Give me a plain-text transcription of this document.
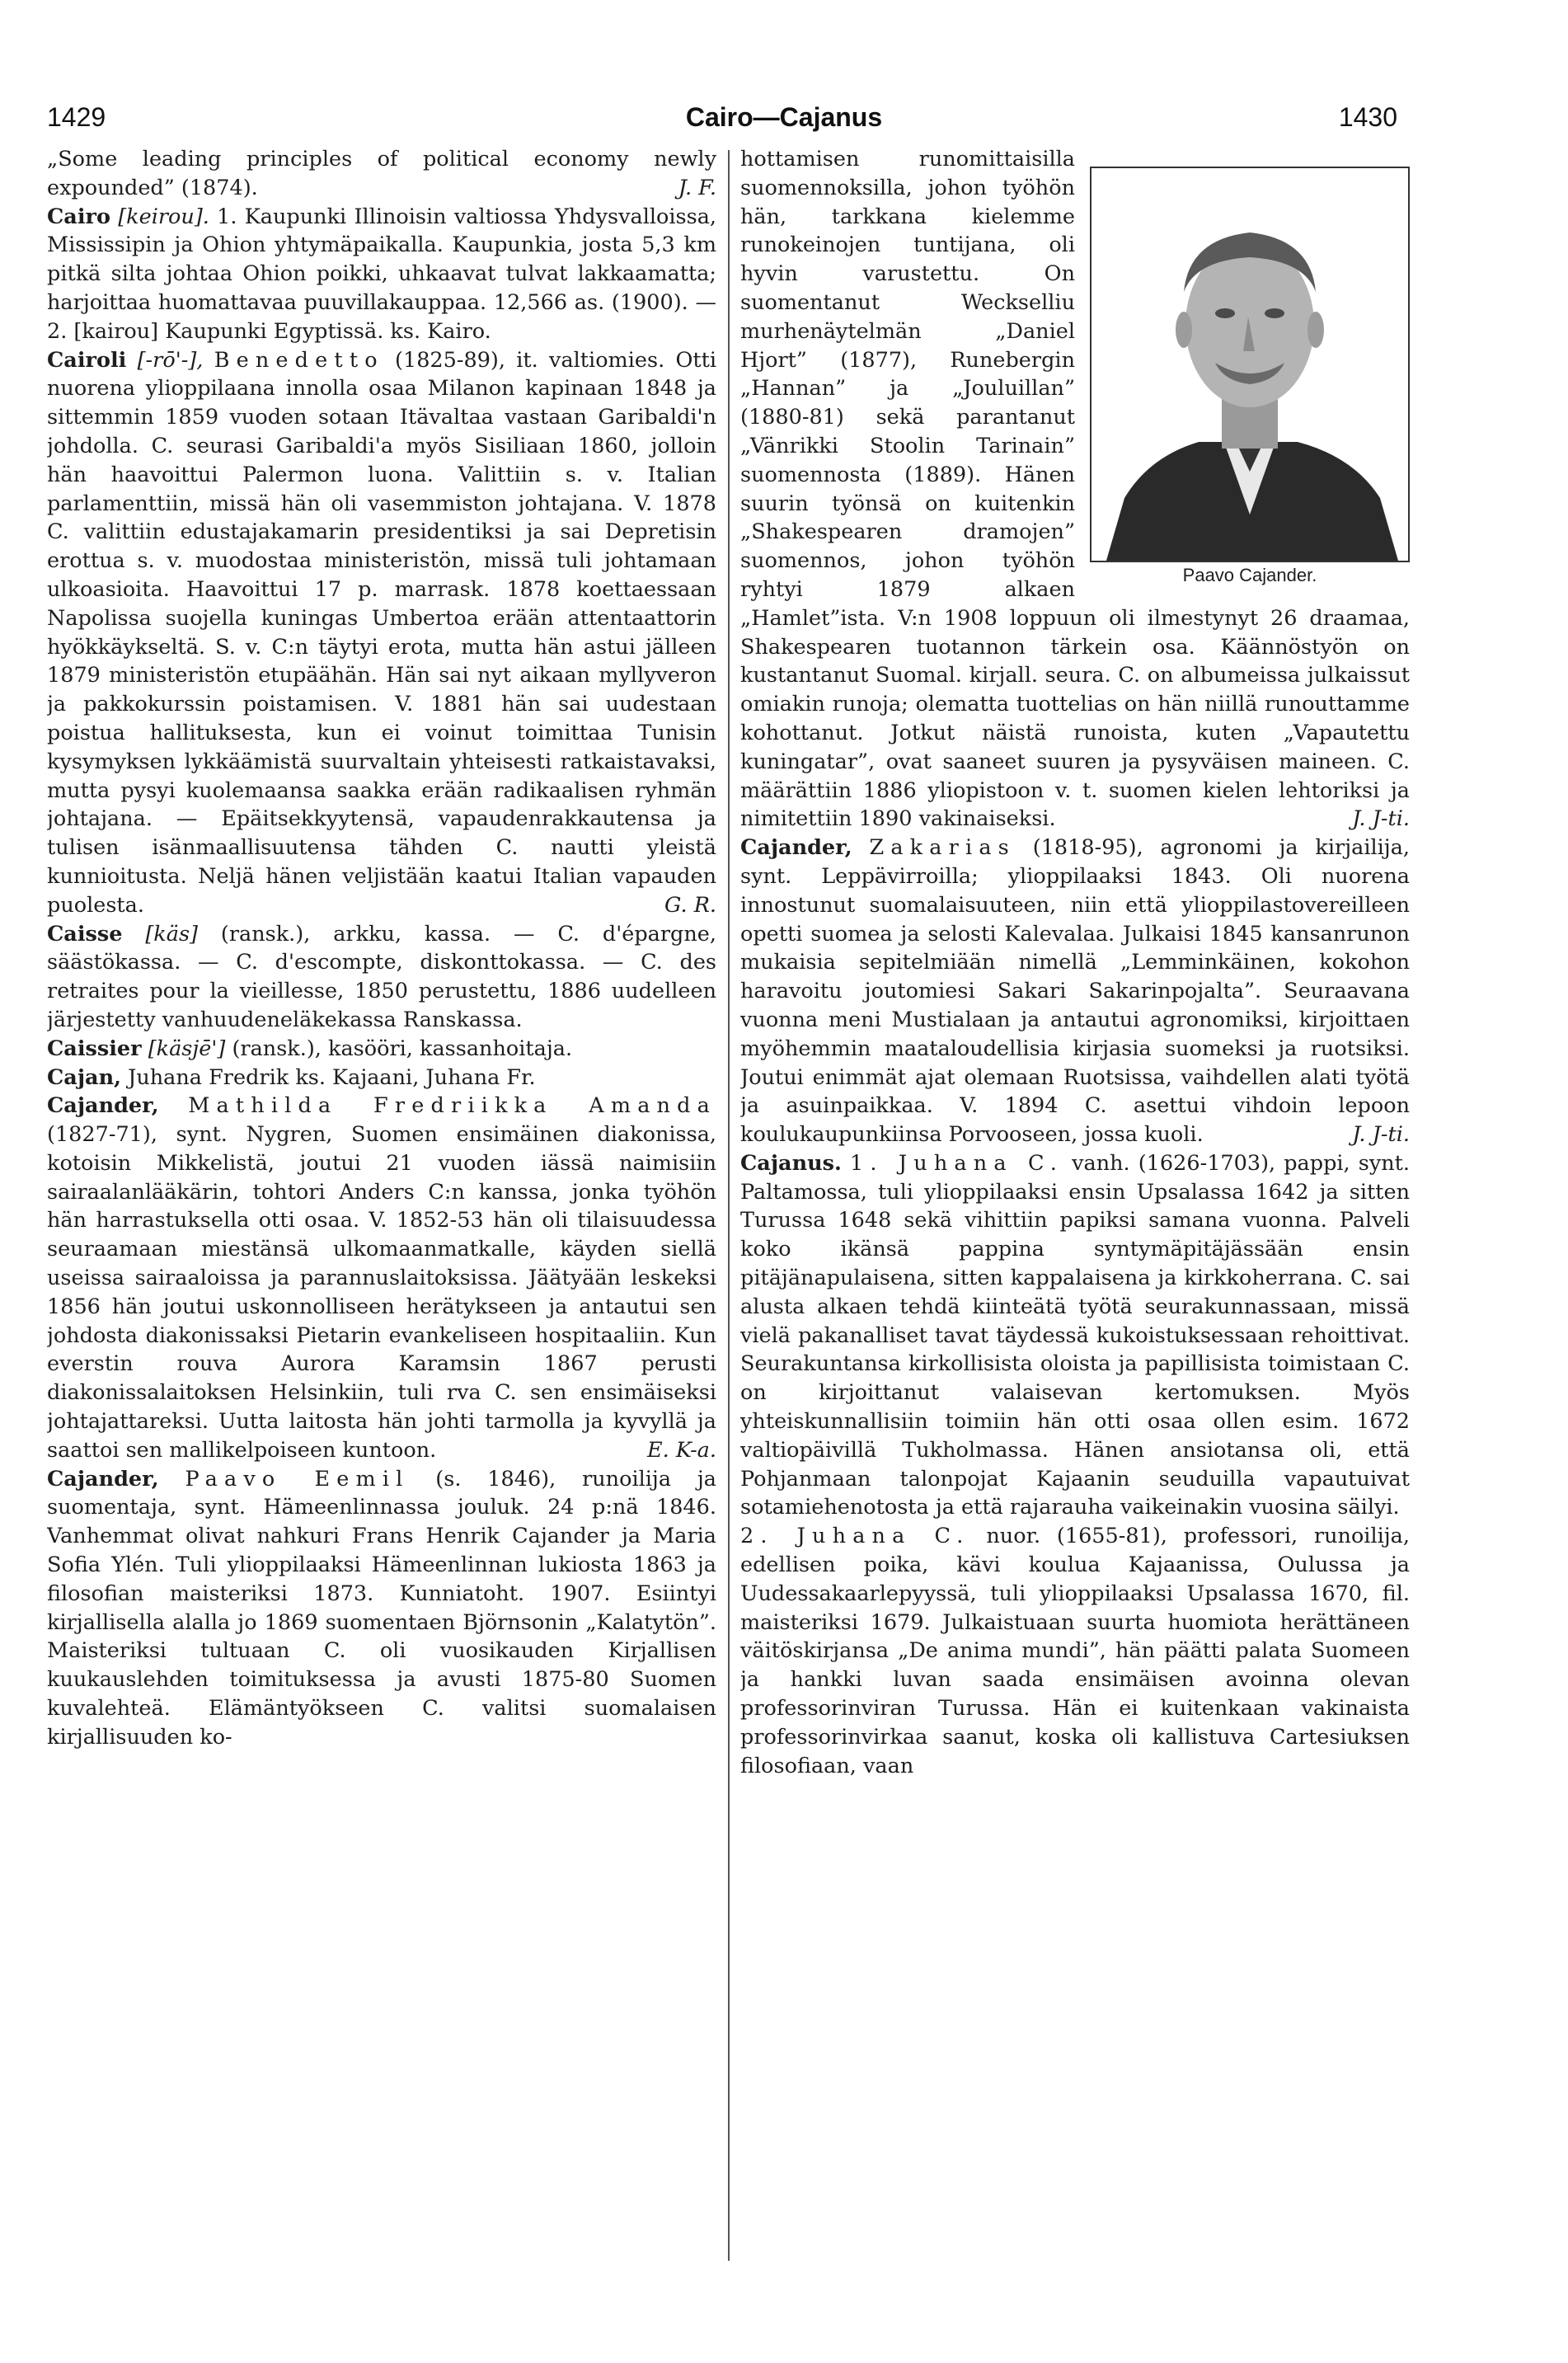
1429	Cairo—Cajanus	1430

„Some leading principles of political economy newly expounded” (1874).	J. F.

Cairo [keirou]. 1. Kaupunki Illinoisin valtiossa Yhdysvalloissa, Mississipin ja Ohion yhtymäpaikalla. Kaupunkia, josta 5,3 km pitkä silta johtaa Ohion poikki, uhkaavat tulvat lakkaamatta; harjoittaa huomattavaa puuvillakauppaa. 12,566 as. (1900). — 2. [kairou] Kaupunki Egyptissä. ks. Kairo.

Cairoli [-rō'-], Benedetto (1825-89), it. valtiomies. Otti nuorena ylioppilaana innolla osaa Milanon kapinaan 1848 ja sittemmin 1859 vuoden sotaan Itävaltaa vastaan Garibaldi'n johdolla. C. seurasi Garibaldi'a myös Sisiliaan 1860, jolloin hän haavoittui Palermon luona. Valittiin s. v. Italian parlamenttiin, missä hän oli vasemmiston johtajana. V. 1878 C. valittiin edustajakamarin presidentiksi ja sai Depretisin erottua s. v. muodostaa ministeristön, missä tuli johtamaan ulkoasioita. Haavoittui 17 p. marrask. 1878 koettaessaan Napolissa suojella kuningas Umbertoa erään attentaattorin hyökkäykseltä. S. v. C:n täytyi erota, mutta hän astui jälleen 1879 ministeristön etupäähän. Hän sai nyt aikaan myllyveron ja pakkokurssin poistamisen. V. 1881 hän sai uudestaan poistua hallituksesta, kun ei voinut toimittaa Tunisin kysymyksen lykkäämistä suurvaltain yhteisesti ratkaistavaksi, mutta pysyi kuolemaansa saakka erään radikaalisen ryhmän johtajana. — Epäitsekkyytensä, vapaudenrakkautensa ja tulisen isänmaallisuutensa tähden C. nautti yleistä kunnioitusta. Neljä hänen veljistään kaatui Italian vapauden puolesta.	G. R.

Caisse [käs] (ransk.), arkku, kassa. — C. d'épargne, säästökassa. — C. d'escompte, diskonttokassa. — C. des retraites pour la vieillesse, 1850 perustettu, 1886 uudelleen järjestetty vanhuudeneläkekassa Ranskassa.

Caissier [käsjē'] (ransk.), kasööri, kassanhoitaja.

Cajan, Juhana Fredrik ks. Kajaani, Juhana Fr.

Cajander, Mathilda Fredriikka Amanda (1827-71), synt. Nygren, Suomen ensimäinen diakonissa, kotoisin Mikkelistä, joutui 21 vuoden iässä naimisiin sairaalanlääkärin, tohtori Anders C:n kanssa, jonka työhön hän harrastuksella otti osaa. V. 1852-53 hän oli tilaisuudessa seuraamaan miestänsä ulkomaanmatkalle, käyden siellä useissa sairaaloissa ja parannuslaitoksissa. Jäätyään leskeksi 1856 hän joutui uskonnolliseen herätykseen ja antautui sen johdosta diakonissaksi Pietarin evankeliseen hospitaaliin. Kun everstin rouva Aurora Karamsin 1867 perusti diakonissalaitoksen Helsinkiin, tuli rva C. sen ensimäiseksi johtajattareksi. Uutta laitosta hän johti tarmolla ja kyvyllä ja saattoi sen mallikelpoiseen kuntoon.	E. K-a.

Cajander, Paavo Eemil (s. 1846), runoilija ja suomentaja, synt. Hämeenlinnassa jouluk. 24 p:nä 1846. Vanhemmat olivat nahkuri Frans Henrik Cajander ja Maria Sofia Ylén. Tuli ylioppilaaksi Hämeenlinnan lukiosta 1863 ja filosofian maisteriksi 1873. Kunniatoht. 1907. Esiintyi kirjallisella alalla jo 1869 suomentaen Björnsonin „Kalatytön”. Maisteriksi tultuaan C. oli vuosikauden Kirjallisen kuukauslehden toimituksessa ja avusti 1875-80 Suomen kuvalehteä. Elämäntyökseen C. valitsi suomalaisen kirjallisuuden ko-

Paavo Cajander.

hottamisen runomittaisilla suomennoksilla, johon työhön hän, tarkkana kielemme runokeinojen tuntijana, oli hyvin varustettu. On suomentanut Weckselliu murhenäytelmän „Daniel Hjort” (1877), Runebergin „Hannan” ja „Jouluillan” (1880-81) sekä parantanut „Vänrikki Stoolin Tarinain” suomennosta (1889). Hänen suurin työnsä on kuitenkin „Shakespearen dramojen” suomennos, johon työhön ryhtyi 1879 alkaen „Hamlet”ista. V:n 1908 loppuun oli ilmestynyt 26 draamaa, Shakespearen tuotannon tärkein osa. Käännöstyön on kustantanut Suomal. kirjall. seura. C. on albumeissa julkaissut omiakin runoja; olematta tuottelias on hän niillä runouttamme kohottanut. Jotkut näistä runoista, kuten „Vapautettu kuningatar”, ovat saaneet suuren ja pysyväisen maineen. C. määrättiin 1886 yliopistoon v. t. suomen kielen lehtoriksi ja nimitettiin 1890 vakinaiseksi.	J. J-ti.

Cajander, Zakarias (1818-95), agronomi ja kirjailija, synt. Leppävirroilla; ylioppilaaksi 1843. Oli nuorena innostunut suomalaisuuteen, niin että ylioppilastovereilleen opetti suomea ja selosti Kalevalaa. Julkaisi 1845 kansanrunon mukaisia sepitelmiään nimellä „Lemminkäinen, kokohon haravoitu joutomiesi Sakari Sakarinpojalta”. Seuraavana vuonna meni Mustialaan ja antautui agronomiksi, kirjoittaen myöhemmin maataloudellisia kirjasia suomeksi ja ruotsiksi. Joutui enimmät ajat olemaan Ruotsissa, vaihdellen alati työtä ja asuinpaikkaa. V. 1894 C. asettui vihdoin lepoon koulukaupunkiinsa Porvooseen, jossa kuoli.	J. J-ti.

Cajanus. 1. Juhana C. vanh. (1626-1703), pappi, synt. Paltamossa, tuli ylioppilaaksi ensin Upsalassa 1642 ja sitten Turussa 1648 sekä vihittiin papiksi samana vuonna. Palveli koko ikänsä pappina syntymäpitäjässään ensin pitäjänapulaisena, sitten kappalaisena ja kirkkoherrana. C. sai alusta alkaen tehdä kiinteätä työtä seurakunnassaan, missä vielä pakanalliset tavat täydessä kukoistuksessaan rehoittivat. Seurakuntansa kirkollisista oloista ja papillisista toimistaan C. on kirjoittanut valaisevan kertomuksen. Myös yhteiskunnallisiin toimiin hän otti osaa ollen esim. 1672 valtiopäivillä Tukholmassa. Hänen ansiotansa oli, että Pohjanmaan talonpojat Kajaanin seuduilla vapautuivat sotamiehenotosta ja että rajarauha vaikeinakin vuosina säilyi.

2. Juhana C. nuor. (1655-81), professori, runoilija, edellisen poika, kävi koulua Kajaanissa, Oulussa ja Uudessakaarlepyyssä, tuli ylioppilaaksi Upsalassa 1670, fil. maisteriksi 1679. Julkaistuaan suurta huomiota herättäneen väitöskirjansa „De anima mundi”, hän päätti palata Suomeen ja hankki luvan saada ensimäisen avoinna olevan professorinviran Turussa. Hän ei kuitenkaan vakinaista professorinvirkaa saanut, koska oli kallistuva Cartesiuksen filosofiaan, vaan
